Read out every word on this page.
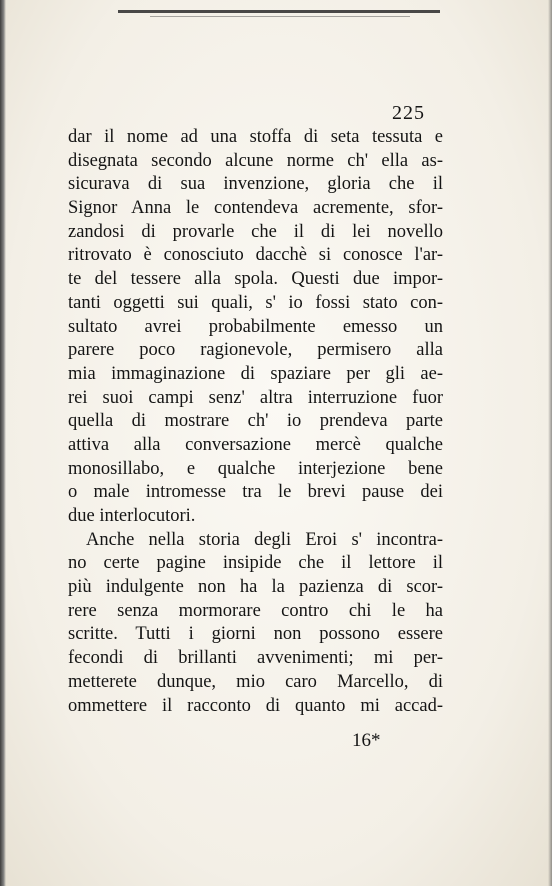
225
dar il nome ad una stoffa di seta tessuta e
disegnata secondo alcune norme ch' ella as-
sicurava di sua invenzione, gloria che il
Signor Anna le contendeva acremente, sfor-
zandosi di provarle che il di lei novello
ritrovato è conosciuto dacchè si conosce l'ar-
te del tessere alla spola. Questi due impor-
tanti oggetti sui quali, s' io fossi stato con-
sultato avrei probabilmente emesso un
parere poco ragionevole, permisero alla
mia immaginazione di spaziare per gli ae-
rei suoi campi senz' altra interruzione fuor
quella di mostrare ch' io prendeva parte
attiva alla conversazione mercè qualche
monosillabo, e qualche interjezione bene
o male intromesse tra le brevi pause dei
due interlocutori.
Anche nella storia degli Eroi s' incontra-
no certe pagine insipide che il lettore il
più indulgente non ha la pazienza di scor-
rere senza mormorare contro chi le ha
scritte. Tutti i giorni non possono essere
fecondi di brillanti avvenimenti; mi per-
metterete dunque, mio caro Marcello, di
ommettere il racconto di quanto mi accad-
16*
